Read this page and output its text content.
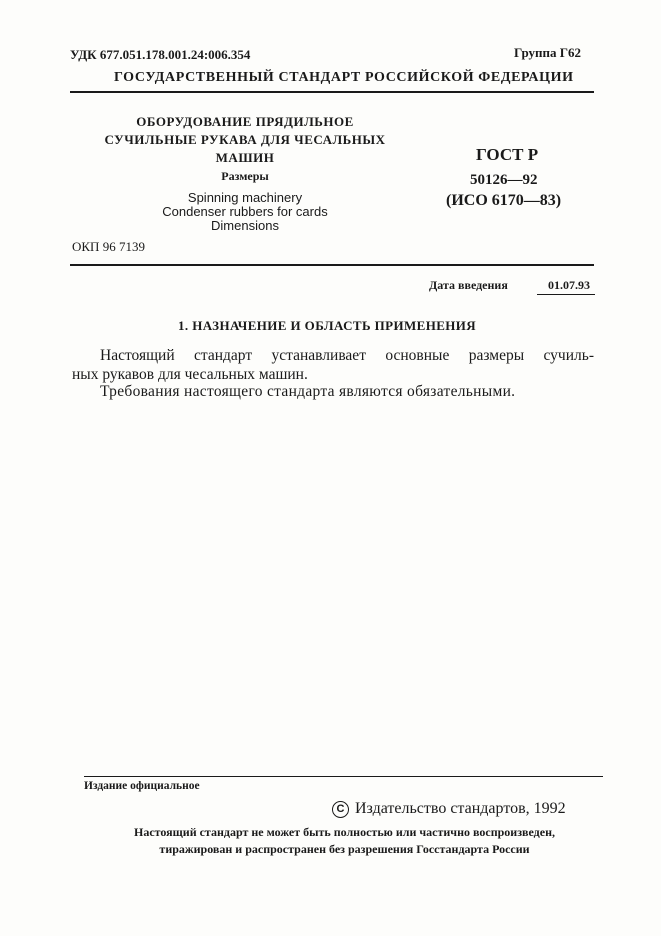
УДК 677.051.178.001.24:006.354	Группа Г62
ГОСУДАРСТВЕННЫЙ СТАНДАРТ РОССИЙСКОЙ ФЕДЕРАЦИИ
ОБОРУДОВАНИЕ ПРЯДИЛЬНОЕ
СУЧИЛЬНЫЕ РУКАВА ДЛЯ ЧЕСАЛЬНЫХ
МАШИН
Размеры
Spinning machinery
Condenser rubbers for cards
Dimensions
ГОСТ Р
50126—92
(ИСО 6170—83)
ОКП 96 7139
Дата введения	01.07.93
1. НАЗНАЧЕНИЕ И ОБЛАСТЬ ПРИМЕНЕНИЯ
Настоящий стандарт устанавливает основные размеры сучиль-
ных рукавов для чесальных машин.
Требования настоящего стандарта являются обязательными.
Издание официальное
C Издательство стандартов, 1992
Настоящий стандарт не может быть полностью или частично воспроизведен,
тиражирован и распространен без разрешения Госстандарта России
